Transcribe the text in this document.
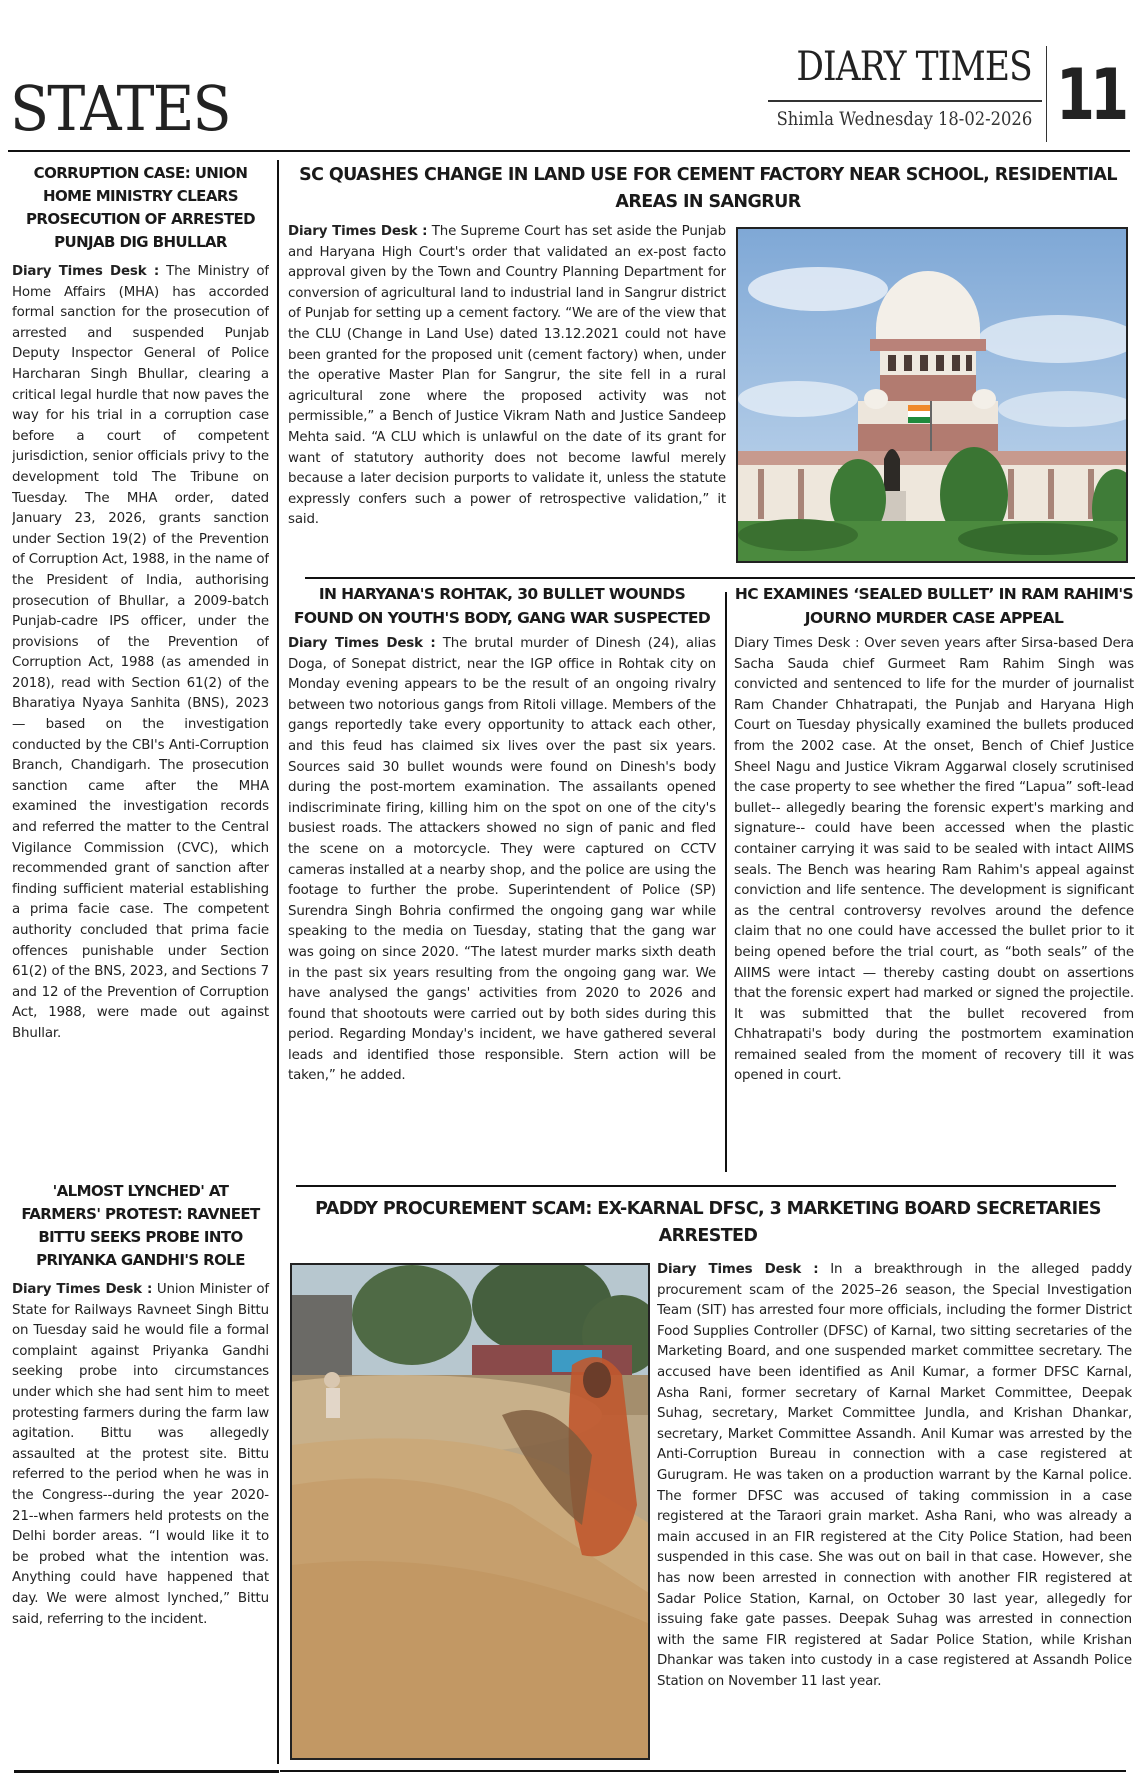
STATES
DIARY TIMES
Shimla Wednesday 18-02-2026 11
CORRUPTION CASE: UNION HOME MINISTRY CLEARS PROSECUTION OF ARRESTED PUNJAB DIG BHULLAR

Diary Times Desk : The Ministry of Home Affairs (MHA) has accorded formal sanction for the prosecution of arrested and suspended Punjab Deputy Inspector General of Police Harcharan Singh Bhullar, clearing a critical legal hurdle that now paves the way for his trial in a corruption case before a court of competent jurisdiction, senior officials privy to the development told The Tribune on Tuesday. The MHA order, dated January 23, 2026, grants sanction under Section 19(2) of the Prevention of Corruption Act, 1988, in the name of the President of India, authorising prosecution of Bhullar, a 2009-batch Punjab-cadre IPS officer, under the provisions of the Prevention of Corruption Act, 1988 (as amended in 2018), read with Section 61(2) of the Bharatiya Nyaya Sanhita (BNS), 2023 — based on the investigation conducted by the CBI's Anti-Corruption Branch, Chandigarh. The prosecution sanction came after the MHA examined the investigation records and referred the matter to the Central Vigilance Commission (CVC), which recommended grant of sanction after finding sufficient material establishing a prima facie case. The competent authority concluded that prima facie offences punishable under Section 61(2) of the BNS, 2023, and Sections 7 and 12 of the Prevention of Corruption Act, 1988, were made out against Bhullar.

'ALMOST LYNCHED' AT FARMERS' PROTEST: RAVNEET BITTU SEEKS PROBE INTO PRIYANKA GANDHI'S ROLE

Diary Times Desk : Union Minister of State for Railways Ravneet Singh Bittu on Tuesday said he would file a formal complaint against Priyanka Gandhi seeking probe into circumstances under which she had sent him to meet protesting farmers during the farm law agitation. Bittu was allegedly assaulted at the protest site. Bittu referred to the period when he was in the Congress--during the year 2020-21--when farmers held protests on the Delhi border areas. “I would like it to be probed what the intention was. Anything could have happened that day. We were almost lynched,” Bittu said, referring to the incident.

SC QUASHES CHANGE IN LAND USE FOR CEMENT FACTORY NEAR SCHOOL, RESIDENTIAL AREAS IN SANGRUR

Diary Times Desk : The Supreme Court has set aside the Punjab and Haryana High Court's order that validated an ex-post facto approval given by the Town and Country Planning Department for conversion of agricultural land to industrial land in Sangrur district of Punjab for setting up a cement factory. “We are of the view that the CLU (Change in Land Use) dated 13.12.2021 could not have been granted for the proposed unit (cement factory) when, under the operative Master Plan for Sangrur, the site fell in a rural agricultural zone where the proposed activity was not permissible,” a Bench of Justice Vikram Nath and Justice Sandeep Mehta said. “A CLU which is unlawful on the date of its grant for want of statutory authority does not become lawful merely because a later decision purports to validate it, unless the statute expressly confers such a power of retrospective validation,” it said.

IN HARYANA'S ROHTAK, 30 BULLET WOUNDS FOUND ON YOUTH'S BODY, GANG WAR SUSPECTED

Diary Times Desk : The brutal murder of Dinesh (24), alias Doga, of Sonepat district, near the IGP office in Rohtak city on Monday evening appears to be the result of an ongoing rivalry between two notorious gangs from Ritoli village. Members of the gangs reportedly take every opportunity to attack each other, and this feud has claimed six lives over the past six years. Sources said 30 bullet wounds were found on Dinesh's body during the post-mortem examination. The assailants opened indiscriminate firing, killing him on the spot on one of the city's busiest roads. The attackers showed no sign of panic and fled the scene on a motorcycle. They were captured on CCTV cameras installed at a nearby shop, and the police are using the footage to further the probe. Superintendent of Police (SP) Surendra Singh Bohria confirmed the ongoing gang war while speaking to the media on Tuesday, stating that the gang war was going on since 2020. “The latest murder marks sixth death in the past six years resulting from the ongoing gang war. We have analysed the gangs' activities from 2020 to 2026 and found that shootouts were carried out by both sides during this period. Regarding Monday's incident, we have gathered several leads and identified those responsible. Stern action will be taken,” he added.

HC EXAMINES ‘SEALED BULLET’ IN RAM RAHIM'S JOURNO MURDER CASE APPEAL

Diary Times Desk : Over seven years after Sirsa-based Dera Sacha Sauda chief Gurmeet Ram Rahim Singh was convicted and sentenced to life for the murder of journalist Ram Chander Chhatrapati, the Punjab and Haryana High Court on Tuesday physically examined the bullets produced from the 2002 case. At the onset, Bench of Chief Justice Sheel Nagu and Justice Vikram Aggarwal closely scrutinised the case property to see whether the fired “Lapua” soft-lead bullet-- allegedly bearing the forensic expert's marking and signature-- could have been accessed when the plastic container carrying it was said to be sealed with intact AIIMS seals. The Bench was hearing Ram Rahim's appeal against conviction and life sentence. The development is significant as the central controversy revolves around the defence claim that no one could have accessed the bullet prior to it being opened before the trial court, as “both seals” of the AIIMS were intact — thereby casting doubt on assertions that the forensic expert had marked or signed the projectile. It was submitted that the bullet recovered from Chhatrapati's body during the postmortem examination remained sealed from the moment of recovery till it was opened in court.

PADDY PROCUREMENT SCAM: EX-KARNAL DFSC, 3 MARKETING BOARD SECRETARIES ARRESTED

Diary Times Desk : In a breakthrough in the alleged paddy procurement scam of the 2025–26 season, the Special Investigation Team (SIT) has arrested four more officials, including the former District Food Supplies Controller (DFSC) of Karnal, two sitting secretaries of the Marketing Board, and one suspended market committee secretary. The accused have been identified as Anil Kumar, a former DFSC Karnal, Asha Rani, former secretary of Karnal Market Committee, Deepak Suhag, secretary, Market Committee Jundla, and Krishan Dhankar, secretary, Market Committee Assandh. Anil Kumar was arrested by the Anti-Corruption Bureau in connection with a case registered at Gurugram. He was taken on a production warrant by the Karnal police. The former DFSC was accused of taking commission in a case registered at the Taraori grain market. Asha Rani, who was already a main accused in an FIR registered at the City Police Station, had been suspended in this case. She was out on bail in that case. However, she has now been arrested in connection with another FIR registered at Sadar Police Station, Karnal, on October 30 last year, allegedly for issuing fake gate passes. Deepak Suhag was arrested in connection with the same FIR registered at Sadar Police Station, while Krishan Dhankar was taken into custody in a case registered at Assandh Police Station on November 11 last year.
